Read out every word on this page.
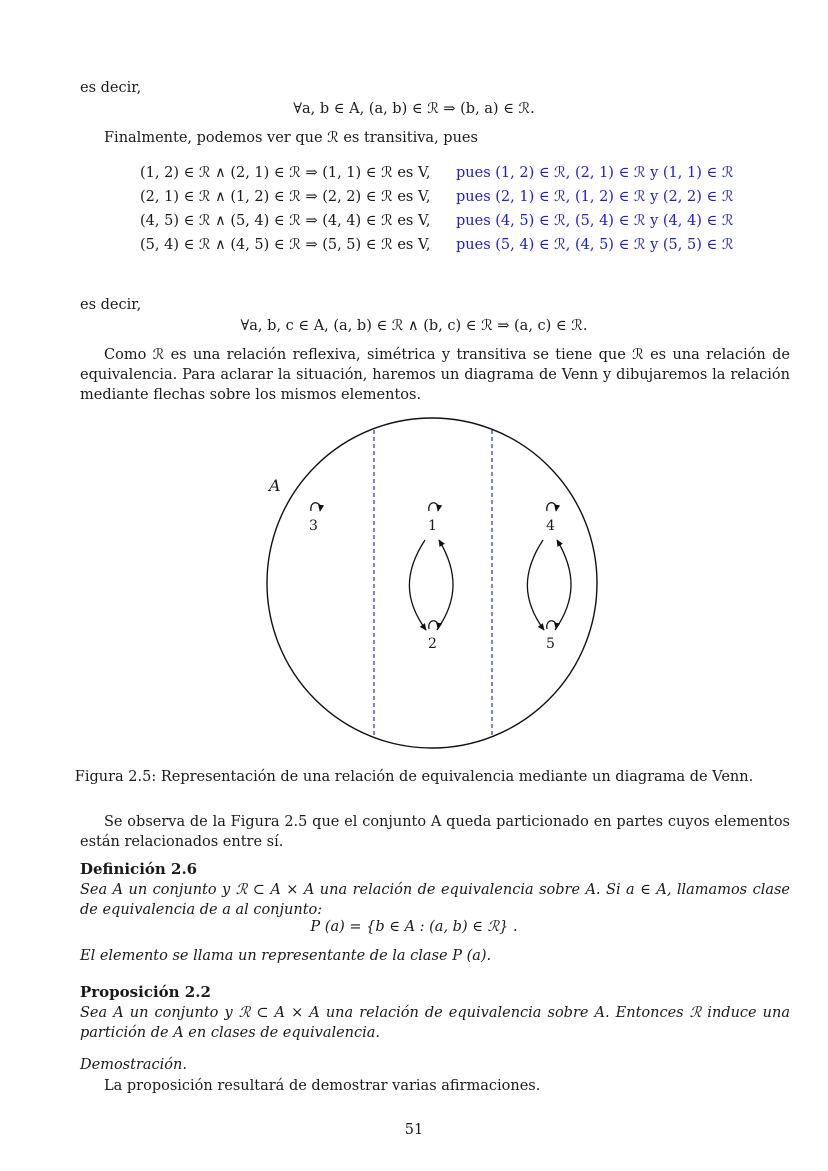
es decir,
∀a, b ∈ A, (a, b) ∈ ℛ ⇒ (b, a) ∈ ℛ.
Finalmente, podemos ver que ℛ es transitiva, pues
(1, 2) ∈ ℛ ∧ (2, 1) ∈ ℛ ⇒ (1, 1) ∈ ℛ es V, pues (1, 2) ∈ ℛ, (2, 1) ∈ ℛ y (1, 1) ∈ ℛ
(2, 1) ∈ ℛ ∧ (1, 2) ∈ ℛ ⇒ (2, 2) ∈ ℛ es V, pues (2, 1) ∈ ℛ, (1, 2) ∈ ℛ y (2, 2) ∈ ℛ
(4, 5) ∈ ℛ ∧ (5, 4) ∈ ℛ ⇒ (4, 4) ∈ ℛ es V, pues (4, 5) ∈ ℛ, (5, 4) ∈ ℛ y (4, 4) ∈ ℛ
(5, 4) ∈ ℛ ∧ (4, 5) ∈ ℛ ⇒ (5, 5) ∈ ℛ es V, pues (5, 4) ∈ ℛ, (4, 5) ∈ ℛ y (5, 5) ∈ ℛ
es decir,
∀a, b, c ∈ A, (a, b) ∈ ℛ ∧ (b, c) ∈ ℛ ⇒ (a, c) ∈ ℛ.
Como ℛ es una relación reflexiva, simétrica y transitiva se tiene que ℛ es una relación de equivalencia. Para aclarar la situación, haremos un diagrama de Venn y dibujaremos la relación mediante flechas sobre los mismos elementos.
A
3	1	4
2	5
Figura 2.5: Representación de una relación de equivalencia mediante un diagrama de Venn.
Se observa de la Figura 2.5 que el conjunto A queda particionado en partes cuyos elementos están relacionados entre sí.
Definición 2.6
Sea A un conjunto y ℛ ⊂ A × A una relación de equivalencia sobre A. Si a ∈ A, llamamos clase de equivalencia de a al conjunto:
P (a) = {b ∈ A : (a, b) ∈ ℛ} .
El elemento se llama un representante de la clase P (a).
Proposición 2.2
Sea A un conjunto y ℛ ⊂ A × A una relación de equivalencia sobre A. Entonces ℛ induce una partición de A en clases de equivalencia.
Demostración.
La proposición resultará de demostrar varias afirmaciones.
51
